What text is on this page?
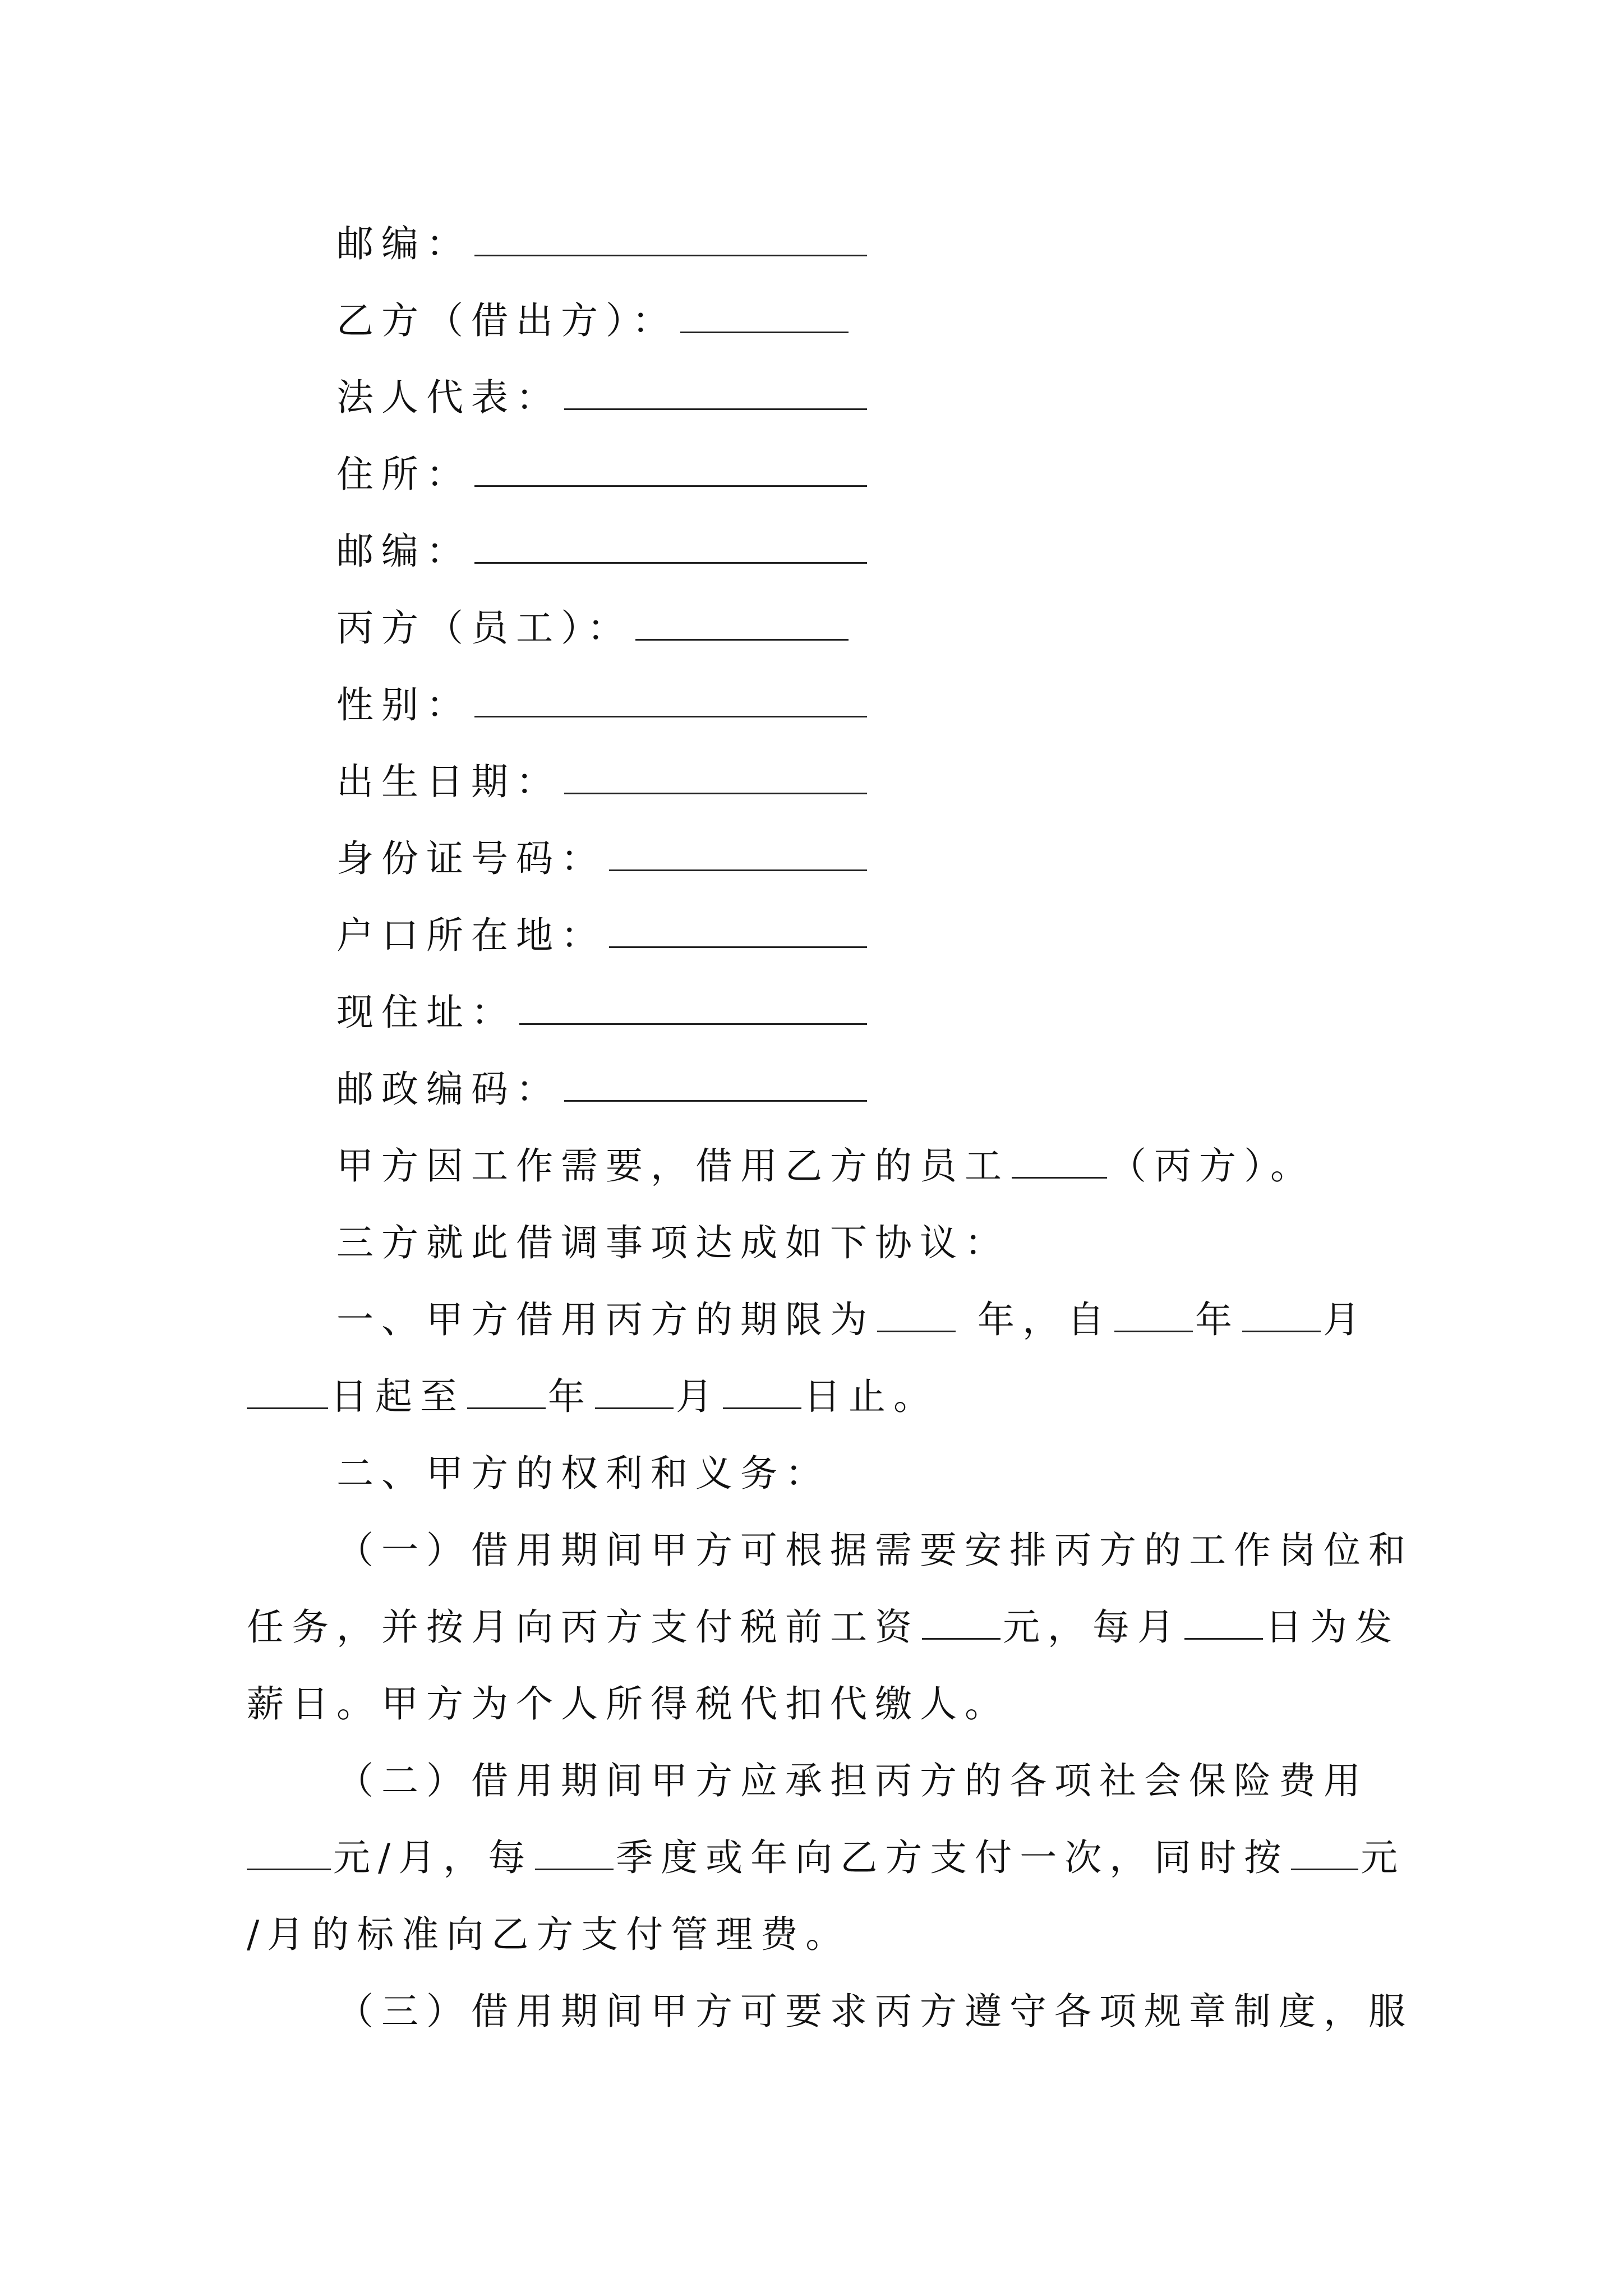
邮编：
乙方（借出方）：
法人代表：
住所：
邮编：
丙方（员工）：
性别：
出生日期：
身份证号码：
户口所在地：
现住址：
邮政编码：
甲方因工作需要，借用乙方的员工	（丙方）。
三方就此借调事项达成如下协议：
一、甲方借用丙方的期限为 年，自 年 月
日起至 年 月 日止。
二、甲方的权利和义务：
（一）借用期间甲方可根据需要安排丙方的工作岗位和
任务，并按月向丙方支付税前工资 元，每月 日为发
薪日。甲方为个人所得税代扣代缴人。
（二）借用期间甲方应承担丙方的各项社会保险费用
元/月，每 季度或年向乙方支付一次，同时按 元
/月的标准向乙方支付管理费。
（三）借用期间甲方可要求丙方遵守各项规章制度，服
